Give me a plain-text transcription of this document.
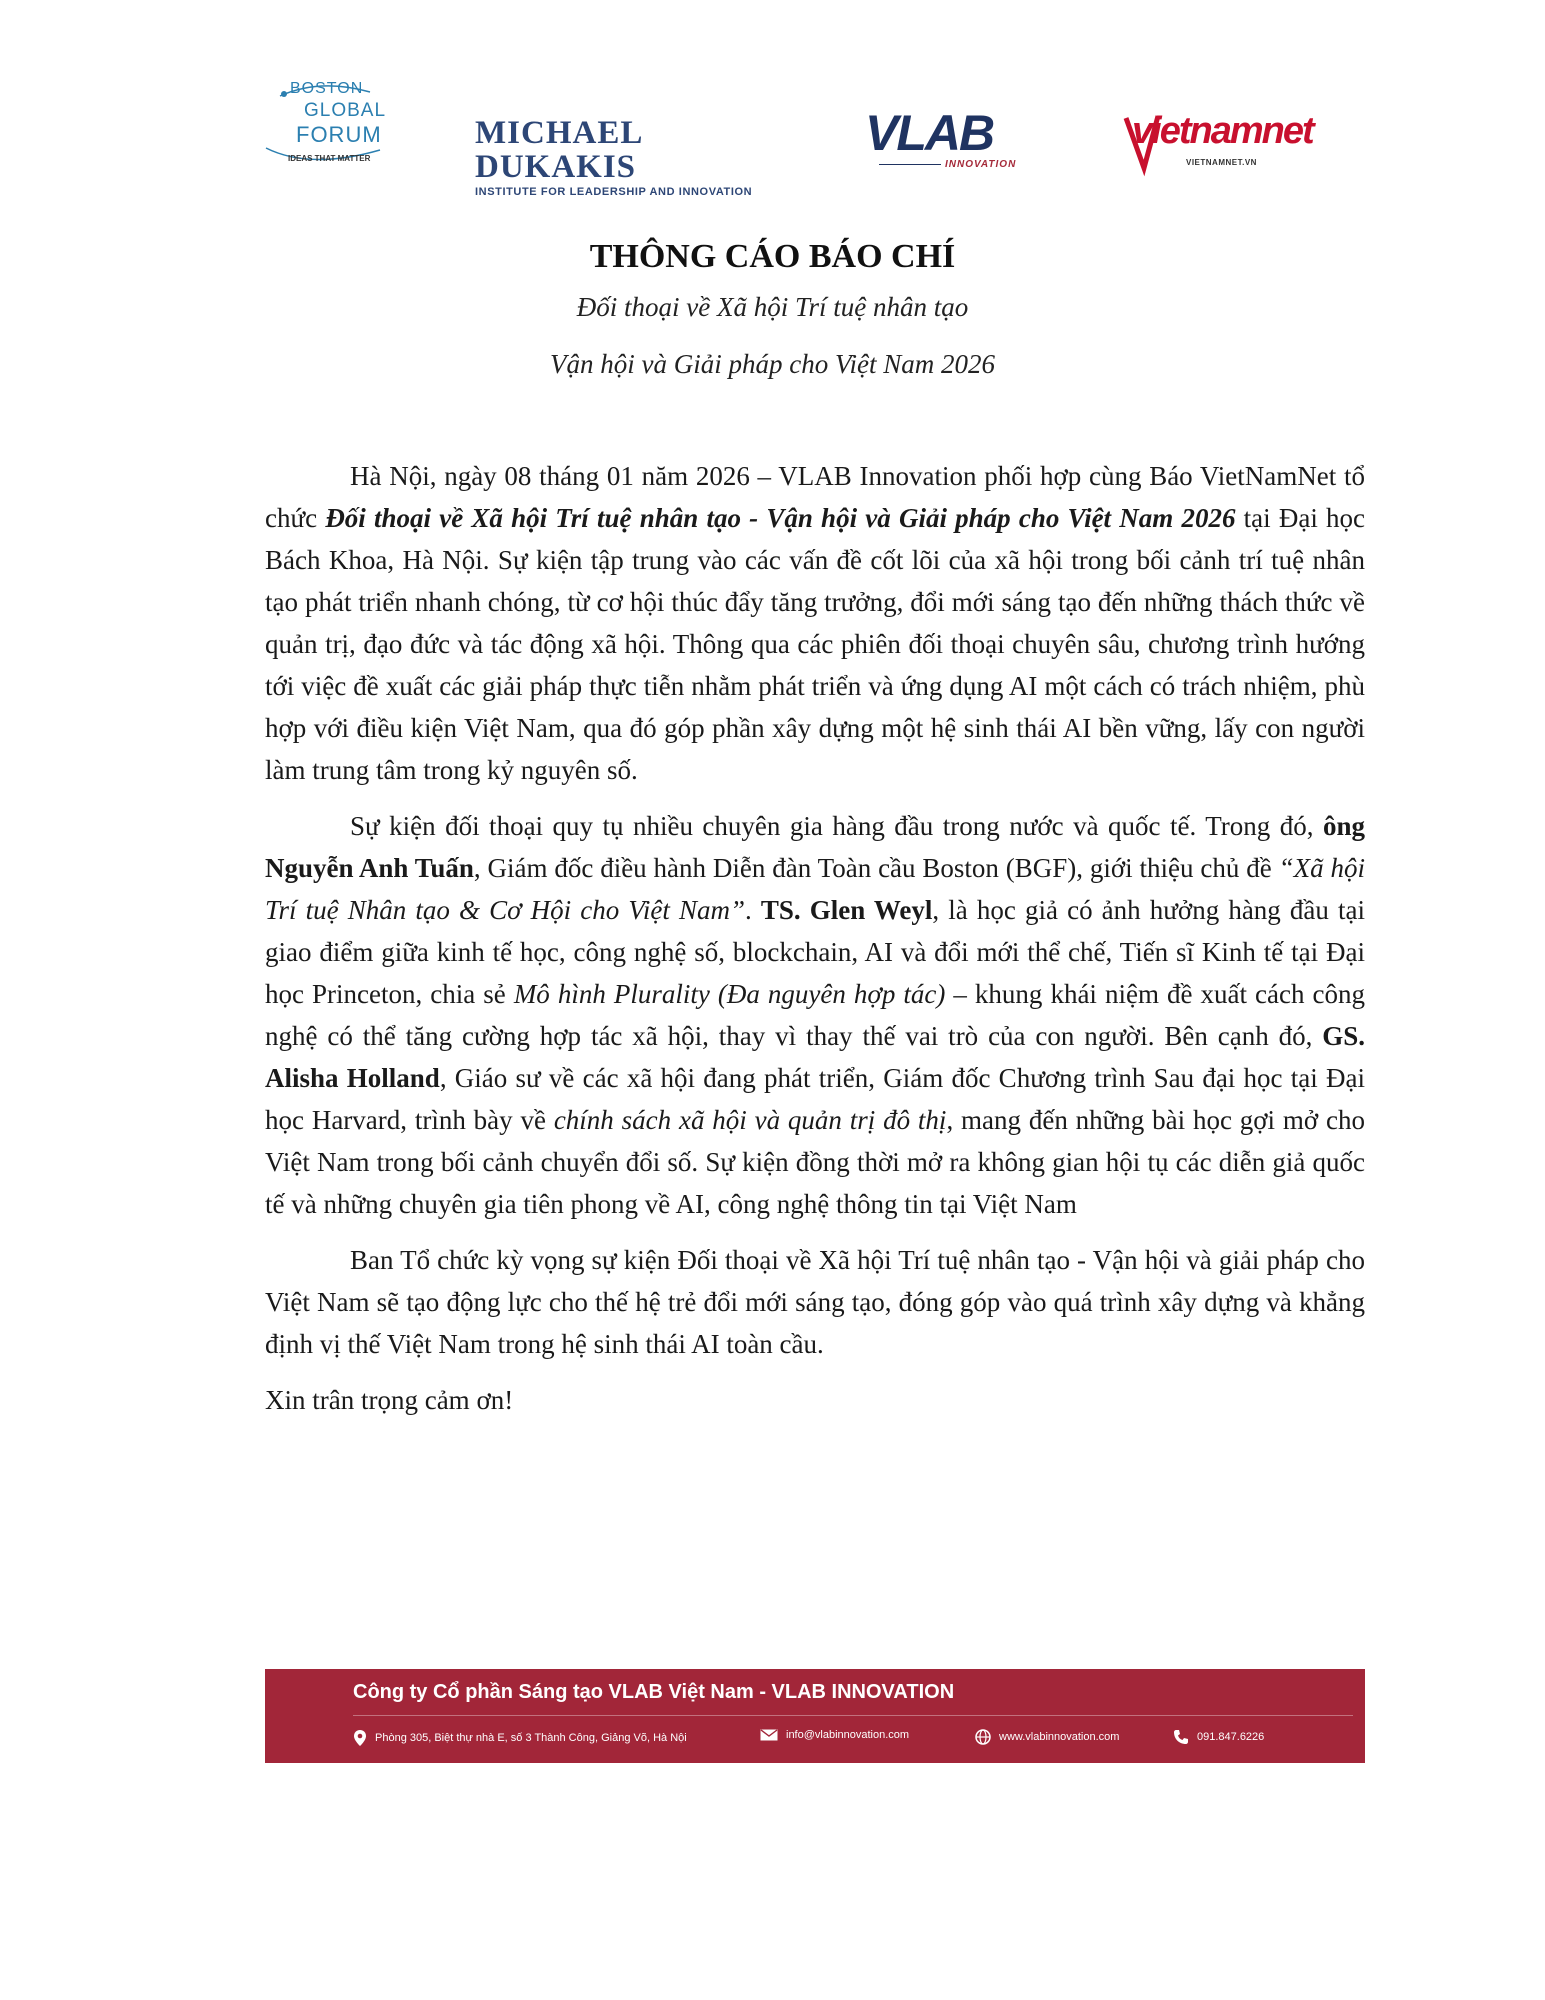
BOSTON
GLOBAL
FORUM
IDEAS THAT MATTER
MICHAEL DUKAKIS
INSTITUTE FOR LEADERSHIP AND INNOVATION
VLAB
INNOVATION
vietnamnet
VIETNAMNET.VN
THÔNG CÁO BÁO CHÍ
Đối thoại về Xã hội Trí tuệ nhân tạo
Vận hội và Giải pháp cho Việt Nam 2026

Hà Nội, ngày 08 tháng 01 năm 2026 – VLAB Innovation phối hợp cùng Báo VietNamNet tổ chức Đối thoại về Xã hội Trí tuệ nhân tạo - Vận hội và Giải pháp cho Việt Nam 2026 tại Đại học Bách Khoa, Hà Nội. Sự kiện tập trung vào các vấn đề cốt lõi của xã hội trong bối cảnh trí tuệ nhân tạo phát triển nhanh chóng, từ cơ hội thúc đẩy tăng trưởng, đổi mới sáng tạo đến những thách thức về quản trị, đạo đức và tác động xã hội. Thông qua các phiên đối thoại chuyên sâu, chương trình hướng tới việc đề xuất các giải pháp thực tiễn nhằm phát triển và ứng dụng AI một cách có trách nhiệm, phù hợp với điều kiện Việt Nam, qua đó góp phần xây dựng một hệ sinh thái AI bền vững, lấy con người làm trung tâm trong kỷ nguyên số.

Sự kiện đối thoại quy tụ nhiều chuyên gia hàng đầu trong nước và quốc tế. Trong đó, ông Nguyễn Anh Tuấn, Giám đốc điều hành Diễn đàn Toàn cầu Boston (BGF), giới thiệu chủ đề “Xã hội Trí tuệ Nhân tạo & Cơ Hội cho Việt Nam”. TS. Glen Weyl, là học giả có ảnh hưởng hàng đầu tại giao điểm giữa kinh tế học, công nghệ số, blockchain, AI và đổi mới thể chế, Tiến sĩ Kinh tế tại Đại học Princeton, chia sẻ Mô hình Plurality (Đa nguyên hợp tác) – khung khái niệm đề xuất cách công nghệ có thể tăng cường hợp tác xã hội, thay vì thay thế vai trò của con người. Bên cạnh đó, GS. Alisha Holland, Giáo sư về các xã hội đang phát triển, Giám đốc Chương trình Sau đại học tại Đại học Harvard, trình bày về chính sách xã hội và quản trị đô thị, mang đến những bài học gợi mở cho Việt Nam trong bối cảnh chuyển đổi số. Sự kiện đồng thời mở ra không gian hội tụ các diễn giả quốc tế và những chuyên gia tiên phong về AI, công nghệ thông tin tại Việt Nam

Ban Tổ chức kỳ vọng sự kiện Đối thoại về Xã hội Trí tuệ nhân tạo - Vận hội và giải pháp cho Việt Nam sẽ tạo động lực cho thế hệ trẻ đổi mới sáng tạo, đóng góp vào quá trình xây dựng và khẳng định vị thế Việt Nam trong hệ sinh thái AI toàn cầu.

Xin trân trọng cảm ơn!

Công ty Cổ phần Sáng tạo VLAB Việt Nam - VLAB INNOVATION
Phòng 305, Biệt thự nhà E, số 3 Thành Công, Giảng Võ, Hà Nội	info@vlabinnovation.com	www.vlabinnovation.com	091.847.6226
